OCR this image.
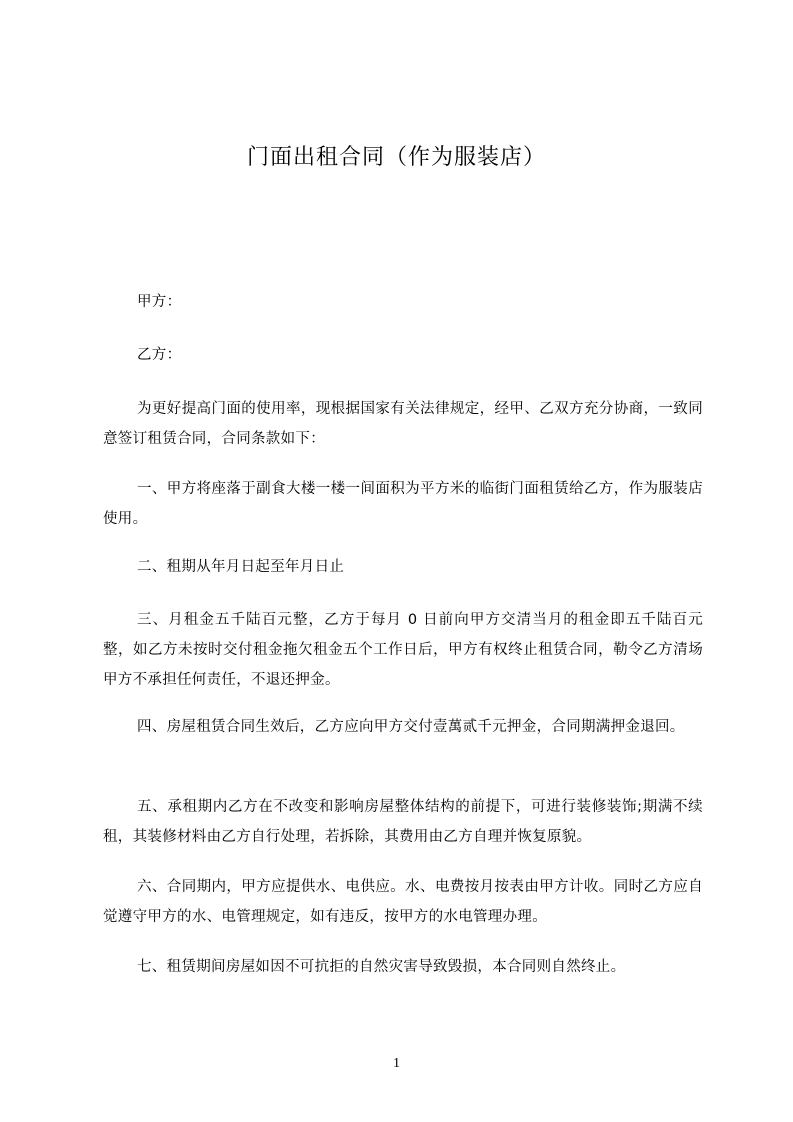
门面出租合同（作为服装店）
甲方：
乙方：
为更好提高门面的使用率，现根据国家有关法律规定，经甲、乙双方充分协商，一致同意签订租赁合同，合同条款如下：
一、甲方将座落于副食大楼一楼一间面积为平方米的临街门面租赁给乙方，作为服装店使用。
二、租期从年月日起至年月日止
三、月租金五千陆百元整，乙方于每月 0 日前向甲方交清当月的租金即五千陆百元整，如乙方未按时交付租金拖欠租金五个工作日后，甲方有权终止租赁合同，勒令乙方清场甲方不承担任何责任，不退还押金。
四、房屋租赁合同生效后，乙方应向甲方交付壹萬贰千元押金，合同期满押金退回。
五、承租期内乙方在不改变和影响房屋整体结构的前提下，可进行装修装饰;期满不续租，其装修材料由乙方自行处理，若拆除，其费用由乙方自理并恢复原貌。
六、合同期内，甲方应提供水、电供应。水、电费按月按表由甲方计收。同时乙方应自觉遵守甲方的水、电管理规定，如有违反，按甲方的水电管理办理。
七、租赁期间房屋如因不可抗拒的自然灾害导致毁损，本合同则自然终止。
1
